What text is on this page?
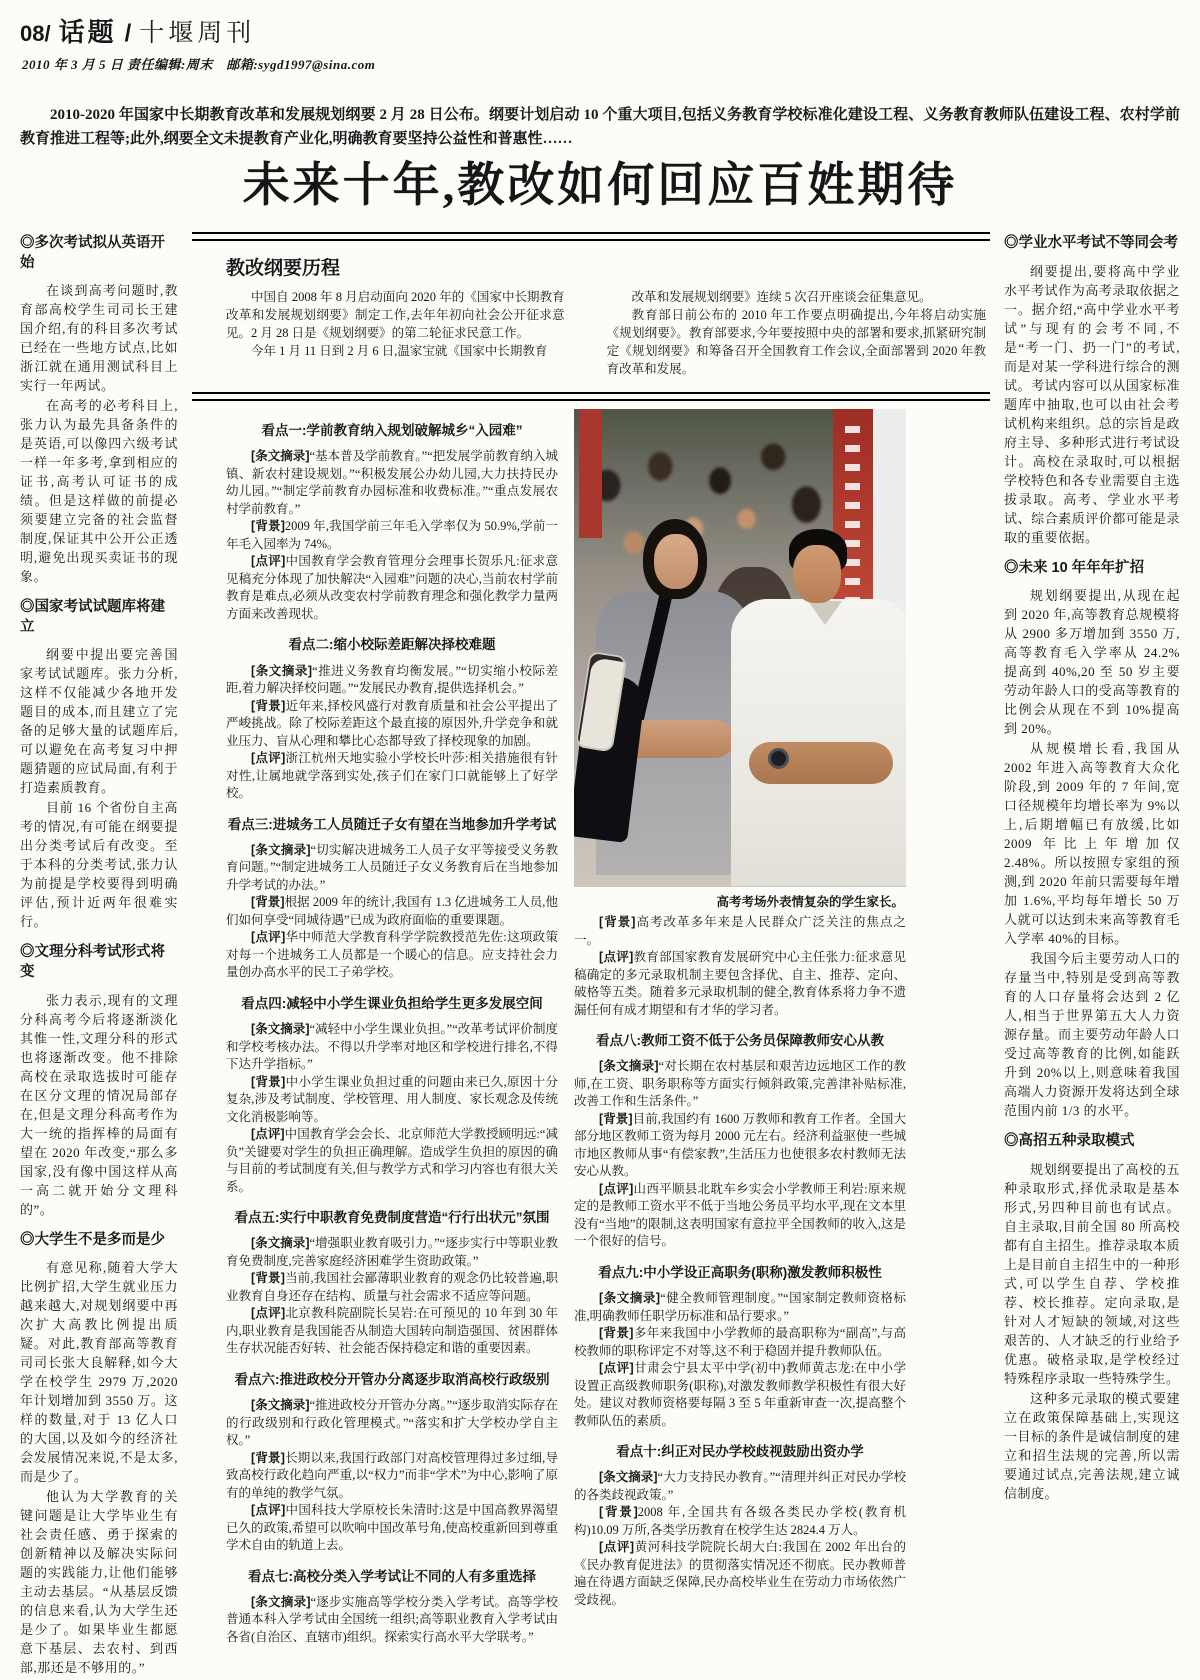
08/ 话题 / 十堰周刊
2010 年 3 月 5 日 责任编辑:周末　邮箱:sygd1997@sina.com

2010-2020 年国家中长期教育改革和发展规划纲要 2 月 28 日公布。纲要计划启动 10 个重大项目,包括义务教育学校标准化建设工程、义务教育教师队伍建设工程、农村学前教育推进工程等;此外,纲要全文未提教育产业化,明确教育要坚持公益性和普惠性……

未来十年,教改如何回应百姓期待
◎多次考试拟从英语开始

在谈到高考问题时,教育部高校学生司司长王建国介绍,有的科目多次考试已经在一些地方试点,比如浙江就在通用测试科目上实行一年两试。

在高考的必考科目上,张力认为最先具备条件的是英语,可以像四六级考试一样一年多考,拿到相应的证书,高考认可证书的成绩。但是这样做的前提必须要建立完备的社会监督制度,保证其中公开公正透明,避免出现买卖证书的现象。

◎国家考试试题库将建立

纲要中提出要完善国家考试试题库。张力分析,这样不仅能减少各地开发题目的成本,而且建立了完备的足够大量的试题库后,可以避免在高考复习中押题猜题的应试局面,有利于打造素质教育。

目前 16 个省份自主高考的情况,有可能在纲要提出分类考试后有改变。至于本科的分类考试,张力认为前提是学校要得到明确评估,预计近两年很难实行。

◎文理分科考试形式将变

张力表示,现有的文理分科高考今后将逐渐淡化其惟一性,文理分科的形式也将逐渐改变。他不排除高校在录取选拔时可能存在区分文理的情况局部存在,但是文理分科高考作为大一统的指挥棒的局面有望在 2020 年改变,“那么多国家,没有像中国这样从高一高二就开始分文理科的”。

◎大学生不是多而是少

有意见称,随着大学大比例扩招,大学生就业压力越来越大,对规划纲要中再次扩大高教比例提出质疑。对此,教育部高等教育司司长张大良解释,如今大学在校学生 2979 万,2020 年计划增加到 3550 万。这样的数量,对于 13 亿人口的大国,以及如今的经济社会发展情况来说,不是太多,而是少了。

他认为大学教育的关键问题是让大学毕业生有社会责任感、勇于探索的创新精神以及解决实际问题的实践能力,让他们能够主动去基层。“从基层反馈的信息来看,认为大学生还是少了。如果毕业生都愿意下基层、去农村、到西部,那还是不够用的。”

教改纲要历程

中国自 2008 年 8 月启动面向 2020 年的《国家中长期教育改革和发展规划纲要》制定工作,去年年初向社会公开征求意见。2 月 28 日是《规划纲要》的第二轮征求民意工作。

今年 1 月 11 日到 2 月 6 日,温家宝就《国家中长期教育

改革和发展规划纲要》连续 5 次召开座谈会征集意见。

教育部日前公布的 2010 年工作要点明确提出,今年将启动实施《规划纲要》。教育部要求,今年要按照中央的部署和要求,抓紧研究制定《规划纲要》和筹备召开全国教育工作会议,全面部署到 2020 年教育改革和发展。

看点一:学前教育纳入规划破解城乡“入园难”

[条文摘录]“基本普及学前教育。”“把发展学前教育纳入城镇、新农村建设规划。”“积极发展公办幼儿园,大力扶持民办幼儿园。”“制定学前教育办园标准和收费标准。”“重点发展农村学前教育。”

[背景]2009 年,我国学前三年毛入学率仅为 50.9%,学前一年毛入园率为 74%。

[点评]中国教育学会教育管理分会理事长贺乐凡:征求意见稿充分体现了加快解决“入园难”问题的决心,当前农村学前教育是难点,必须从改变农村学前教育理念和强化教学力量两方面来改善现状。

看点二:缩小校际差距解决择校难题

[条文摘录]“推进义务教育均衡发展。”“切实缩小校际差距,着力解决择校问题。”“发展民办教育,提供选择机会。”

[背景]近年来,择校风盛行对教育质量和社会公平提出了严峻挑战。除了校际差距这个最直接的原因外,升学竞争和就业压力、盲从心理和攀比心态都导致了择校现象的加剧。

[点评]浙江杭州天地实验小学校长叶莎:相关措施很有针对性,让属地就学落到实处,孩子们在家门口就能够上了好学校。

看点三:进城务工人员随迁子女有望在当地参加升学考试

[条文摘录]“切实解决进城务工人员子女平等接受义务教育问题。”“制定进城务工人员随迁子女义务教育后在当地参加升学考试的办法。”

[背景]根据 2009 年的统计,我国有 1.3 亿进城务工人员,他们如何享受“同城待遇”已成为政府面临的重要课题。

[点评]华中师范大学教育科学学院教授范先佐:这项政策对每一个进城务工人员都是一个暖心的信息。应支持社会力量创办高水平的民工子弟学校。

看点四:减轻中小学生课业负担给学生更多发展空间

[条文摘录]“减轻中小学生课业负担。”“改革考试评价制度和学校考核办法。不得以升学率对地区和学校进行排名,不得下达升学指标。”

[背景]中小学生课业负担过重的问题由来已久,原因十分复杂,涉及考试制度、学校管理、用人制度、家长观念及传统文化消极影响等。

[点评]中国教育学会会长、北京师范大学教授顾明远:“减负”关键要对学生的负担正确理解。造成学生负担的原因的确与目前的考试制度有关,但与教学方式和学习内容也有很大关系。

看点五:实行中职教育免费制度营造“行行出状元”氛围

[条文摘录]“增强职业教育吸引力。”“逐步实行中等职业教育免费制度,完善家庭经济困难学生资助政策。”

[背景]当前,我国社会鄙薄职业教育的观念仍比较普遍,职业教育自身还存在结构、质量与社会需求不适应等问题。

[点评]北京教科院副院长吴岩:在可预见的 10 年到 30 年内,职业教育是我国能否从制造大国转向制造强国、贫困群体生存状况能否好转、社会能否保持稳定和谐的重要因素。

看点六:推进政校分开管办分离逐步取消高校行政级别

[条文摘录]“推进政校分开管办分离。”“逐步取消实际存在的行政级别和行政化管理模式。”“落实和扩大学校办学自主权。”

[背景]长期以来,我国行政部门对高校管理得过多过细,导致高校行政化趋向严重,以“权力”而非“学术”为中心,影响了原有的单纯的教学气氛。

[点评]中国科技大学原校长朱清时:这是中国高教界渴望已久的政策,希望可以吹响中国改革号角,使高校重新回到尊重学术自由的轨道上去。

看点七:高校分类入学考试让不同的人有多重选择

[条文摘录]“逐步实施高等学校分类入学考试。高等学校普通本科入学考试由全国统一组织;高等职业教育入学考试由各省(自治区、直辖市)组织。探索实行高水平大学联考。”

高考考场外表情复杂的学生家长。

[背景]高考改革多年来是人民群众广泛关注的焦点之一。

[点评]教育部国家教育发展研究中心主任张力:征求意见稿确定的多元录取机制主要包含择优、自主、推荐、定向、破格等五类。随着多元录取机制的健全,教育体系将力争不遗漏任何有成才期望和有才华的学习者。

看点八:教师工资不低于公务员保障教师安心从教

[条文摘录]“对长期在农村基层和艰苦边远地区工作的教师,在工资、职务职称等方面实行倾斜政策,完善津补贴标准,改善工作和生活条件。”

[背景]目前,我国约有 1600 万教师和教育工作者。全国大部分地区教师工资为每月 2000 元左右。经济利益驱使一些城市地区教师从事“有偿家教”,生活压力也使很多农村教师无法安心从教。

[点评]山西平顺县北耽车乡实会小学教师王利岩:原来规定的是教师工资水平不低于当地公务员平均水平,现在文本里没有“当地”的限制,这表明国家有意拉平全国教师的收入,这是一个很好的信号。

看点九:中小学设正高职务(职称)激发教师积极性

[条文摘录]“健全教师管理制度。”“国家制定教师资格标准,明确教师任职学历标准和品行要求。”

[背景]多年来我国中小学教师的最高职称为“副高”,与高校教师的职称评定不对等,这不利于稳固并提升教师队伍。

[点评]甘肃会宁县太平中学(初中)教师黄志龙:在中小学设置正高级教师职务(职称),对激发教师教学积极性有很大好处。建议对教师资格要每隔 3 至 5 年重新审查一次,提高整个教师队伍的素质。

看点十:纠正对民办学校歧视鼓励出资办学

[条文摘录]“大力支持民办教育。”“清理并纠正对民办学校的各类歧视政策。”

[背景]2008 年,全国共有各级各类民办学校(教育机构)10.09 万所,各类学历教育在校学生达 2824.4 万人。

[点评]黄河科技学院院长胡大白:我国在 2002 年出台的《民办教育促进法》的贯彻落实情况还不彻底。民办教师普遍在待遇方面缺乏保障,民办高校毕业生在劳动力市场依然广受歧视。

◎学业水平考试不等同会考

纲要提出,要将高中学业水平考试作为高考录取依据之一。据介绍,“高中学业水平考试”与现有的会考不同,不是“考一门、扔一门”的考试,而是对某一学科进行综合的测试。考试内容可以从国家标准题库中抽取,也可以由社会考试机构来组织。总的宗旨是政府主导、多种形式进行考试设计。高校在录取时,可以根据学校特色和各专业需要自主选拔录取。高考、学业水平考试、综合素质评价都可能是录取的重要依据。

◎未来 10 年年年扩招

规划纲要提出,从现在起到 2020 年,高等教育总规模将从 2900 多万增加到 3550 万,高等教育毛入学率从 24.2% 提高到 40%,20 至 50 岁主要劳动年龄人口的受高等教育的比例会从现在不到 10%提高到 20%。

从规模增长看,我国从 2002 年进入高等教育大众化阶段,到 2009 年的 7 年间,宽口径规模年均增长率为 9%以上,后期增幅已有放缓,比如 2009 年比上年增加仅 2.48%。所以按照专家组的预测,到 2020 年前只需要每年增加 1.6%,平均每年增长 50 万人就可以达到未来高等教育毛入学率 40%的目标。

我国今后主要劳动人口的存量当中,特别是受到高等教育的人口存量将会达到 2 亿人,相当于世界第五大人力资源存量。而主要劳动年龄人口受过高等教育的比例,如能跃升到 20%以上,则意味着我国高端人力资源开发将达到全球范围内前 1/3 的水平。

◎高招五种录取模式

规划纲要提出了高校的五种录取形式,择优录取是基本形式,另四种目前也有试点。自主录取,目前全国 80 所高校都有自主招生。推荐录取本质上是目前自主招生中的一种形式,可以学生自荐、学校推荐、校长推荐。定向录取,是针对人才短缺的领域,对这些艰苦的、人才缺乏的行业给予优惠。破格录取,是学校经过特殊程序录取一些特殊学生。

这种多元录取的模式要建立在政策保障基础上,实现这一目标的条件是诚信制度的建立和招生法规的完善,所以需要通过试点,完善法规,建立诚信制度。
